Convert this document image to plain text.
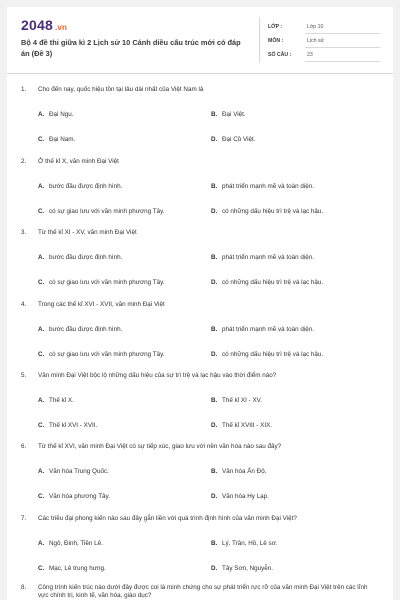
2048 .vn
Bộ 4 đề thi giữa kì 2 Lịch sử 10 Cánh diều cấu trúc mới có đáp án (Đề 3)
LỚP :	Lớp 10
MÔN :	Lịch sử
SỐ CÂU :	23
1. Cho đến nay, quốc hiệu tồn tại lâu dài nhất của Việt Nam là
A. Đại Ngu.	B. Đại Việt.
C. Đại Nam.	D. Đại Cồ Việt.
2. Ở thế kỉ X, văn minh Đại Việt
A. bước đầu được định hình.	B. phát triển mạnh mẽ và toàn diện.
C. có sự giao lưu với văn minh phương Tây.	D. có những dấu hiệu trì trệ và lạc hậu.
3. Từ thế kỉ XI - XV, văn minh Đại Việt
A. bước đầu được định hình.	B. phát triển mạnh mẽ và toàn diện.
C. có sự giao lưu với văn minh phương Tây.	D. có những dấu hiệu trì trệ và lạc hậu.
4. Trong các thế kỉ XVI - XVII, văn minh Đại Việt
A. bước đầu được định hình.	B. phát triển mạnh mẽ và toàn diện.
C. có sự giao lưu với văn minh phương Tây.	D. có những dấu hiệu trì trệ và lạc hậu.
5. Văn minh Đại Việt bộc lộ những dấu hiệu của sự trì trệ và lạc hậu vào thời điểm nào?
A. Thế kỉ X.	B. Thế kỉ XI - XV.
C. Thế kỉ XVI - XVII.	D. Thế kỉ XVIII - XIX.
6. Từ thế kỉ XVI, văn minh Đại Việt có sự tiếp xúc, giao lưu với nền văn hóa nào sau đây?
A. Văn hóa Trung Quốc.	B. Văn hóa Ấn Độ.
C. Văn hóa phương Tây.	D. Văn hóa Hy Lạp.
7. Các triều đại phong kiến nào sau đây gắn liền với quá trình định hình của văn minh Đại Việt?
A. Ngô, Đinh, Tiền Lê.	B. Lý, Trần, Hồ, Lê sơ.
C. Mạc, Lê trung hưng.	D. Tây Sơn, Nguyễn.
8.	Công trình kiến trúc nào dưới đây được coi là minh chứng cho sự phát triển rực rỡ của văn minh Đại Việt trên các lĩnh vực chính trị, kinh tế, văn hóa, giáo dục?
